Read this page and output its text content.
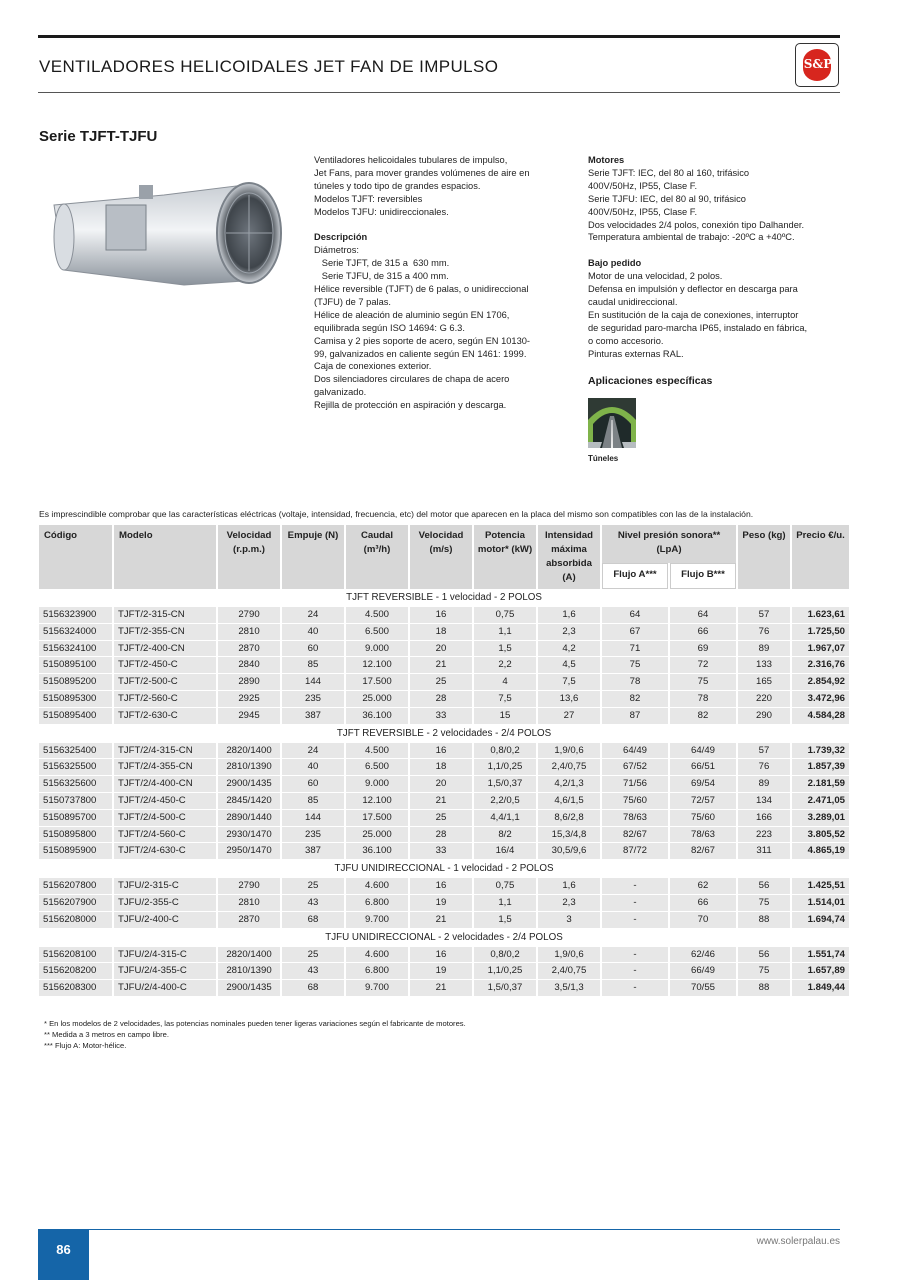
VENTILADORES HELICOIDALES JET FAN DE IMPULSO	S&P
Serie TJFT-TJFU
Ventiladores helicoidales tubulares de impulso,
Jet Fans, para mover grandes volúmenes de aire en
túneles y todo tipo de grandes espacios.
Modelos TJFT: reversibles
Modelos TJFU: unidireccionales.
Descripción
Diámetros:
Serie TJFT, de 315 a  630 mm.
Serie TJFU, de 315 a 400 mm.
Hélice reversible (TJFT) de 6 palas, o unidireccional
(TJFU) de 7 palas.
Hélice de aleación de aluminio según EN 1706,
equilibrada según ISO 14694: G 6.3.
Camisa y 2 pies soporte de acero, según EN 10130-
99, galvanizados en caliente según EN 1461: 1999.
Caja de conexiones exterior.
Dos silenciadores circulares de chapa de acero
galvanizado.
Rejilla de protección en aspiración y descarga.
Motores
Serie TJFT: IEC, del 80 al 160, trifásico
400V/50Hz, IP55, Clase F.
Serie TJFU: IEC, del 80 al 90, trifásico
400V/50Hz, IP55, Clase F.
Dos velocidades 2/4 polos, conexión tipo Dalhander.
Temperatura ambiental de trabajo: -20ºC a +40ºC.
Bajo pedido
Motor de una velocidad, 2 polos.
Defensa en impulsión y deflector en descarga para
caudal unidireccional.
En sustitución de la caja de conexiones, interruptor
de seguridad paro-marcha IP65, instalado en fábrica,
o como accesorio.
Pinturas externas RAL.
Aplicaciones específicas
Túneles
Es imprescindible comprobar que las características eléctricas (voltaje, intensidad, frecuencia, etc) del motor que aparecen en la placa del mismo son compatibles con las de la instalación.
Código	Modelo	Velocidad (r.p.m.)	Empuje (N)	Caudal (m³/h)	Velocidad (m/s)	Potencia motor* (kW)	Intensidad máxima absorbida (A)	Nivel presión sonora** (LpA)		Peso (kg)	Precio €/u.
								Flujo A***	Flujo B***		
TJFT REVERSIBLE - 1 velocidad - 2 POLOS											
5156323900	TJFT/2-315-CN	2790	24	4.500	16	0,75	1,6	64	64	57	1.623,61
5156324000	TJFT/2-355-CN	2810	40	6.500	18	1,1	2,3	67	66	76	1.725,50
5156324100	TJFT/2-400-CN	2870	60	9.000	20	1,5	4,2	71	69	89	1.967,07
5150895100	TJFT/2-450-C	2840	85	12.100	21	2,2	4,5	75	72	133	2.316,76
5150895200	TJFT/2-500-C	2890	144	17.500	25	4	7,5	78	75	165	2.854,92
5150895300	TJFT/2-560-C	2925	235	25.000	28	7,5	13,6	82	78	220	3.472,96
5150895400	TJFT/2-630-C	2945	387	36.100	33	15	27	87	82	290	4.584,28
TJFT REVERSIBLE - 2 velocidades - 2/4 POLOS											
5156325400	TJFT/2/4-315-CN	2820/1400	24	4.500	16	0,8/0,2	1,9/0,6	64/49	64/49	57	1.739,32
5156325500	TJFT/2/4-355-CN	2810/1390	40	6.500	18	1,1/0,25	2,4/0,75	67/52	66/51	76	1.857,39
5156325600	TJFT/2/4-400-CN	2900/1435	60	9.000	20	1,5/0,37	4,2/1,3	71/56	69/54	89	2.181,59
5150737800	TJFT/2/4-450-C	2845/1420	85	12.100	21	2,2/0,5	4,6/1,5	75/60	72/57	134	2.471,05
5150895700	TJFT/2/4-500-C	2890/1440	144	17.500	25	4,4/1,1	8,6/2,8	78/63	75/60	166	3.289,01
5150895800	TJFT/2/4-560-C	2930/1470	235	25.000	28	8/2	15,3/4,8	82/67	78/63	223	3.805,52
5150895900	TJFT/2/4-630-C	2950/1470	387	36.100	33	16/4	30,5/9,6	87/72	82/67	311	4.865,19
TJFU UNIDIRECCIONAL - 1 velocidad - 2 POLOS											
5156207800	TJFU/2-315-C	2790	25	4.600	16	0,75	1,6	-	62	56	1.425,51
5156207900	TJFU/2-355-C	2810	43	6.800	19	1,1	2,3	-	66	75	1.514,01
5156208000	TJFU/2-400-C	2870	68	9.700	21	1,5	3	-	70	88	1.694,74
TJFU UNIDIRECCIONAL - 2 velocidades - 2/4 POLOS											
5156208100	TJFU/2/4-315-C	2820/1400	25	4.600	16	0,8/0,2	1,9/0,6	-	62/46	56	1.551,74
5156208200	TJFU/2/4-355-C	2810/1390	43	6.800	19	1,1/0,25	2,4/0,75	-	66/49	75	1.657,89
5156208300	TJFU/2/4-400-C	2900/1435	68	9.700	21	1,5/0,37	3,5/1,3	-	70/55	88	1.849,44
* En los modelos de 2 velocidades, las potencias nominales pueden tener ligeras variaciones según el fabricante de motores.
** Medida a 3 metros en campo libre.
*** Flujo A: Motor-hélice.
86
www.solerpalau.es
